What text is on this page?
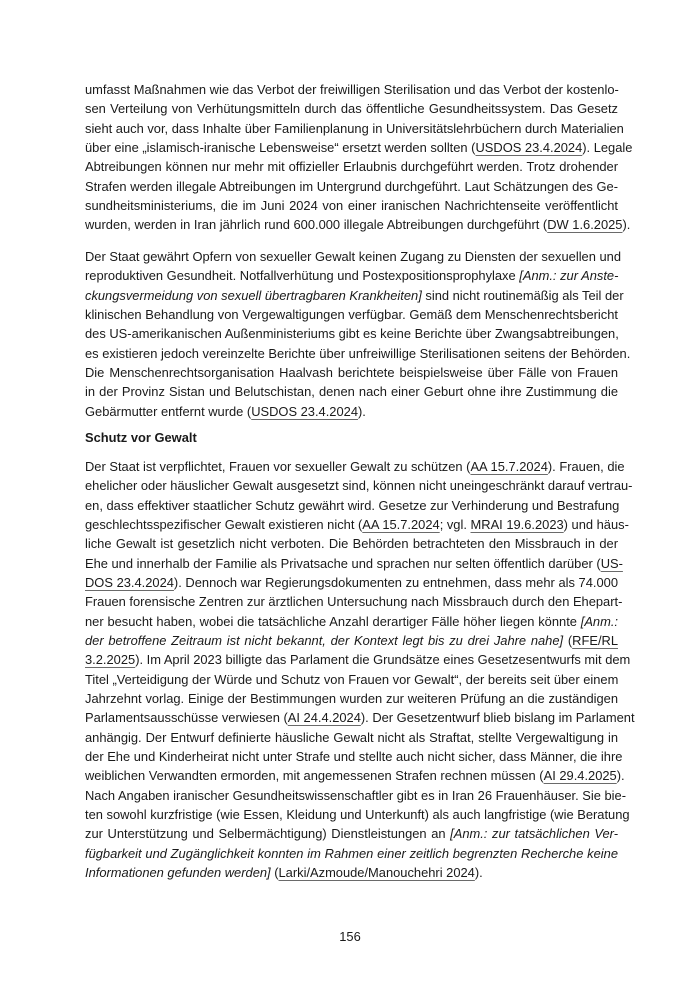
umfasst Maßnahmen wie das Verbot der freiwilligen Sterilisation und das Verbot der kostenlo-
sen Verteilung von Verhütungsmitteln durch das öffentliche Gesundheitssystem. Das Gesetz
sieht auch vor, dass Inhalte über Familienplanung in Universitätslehrbüchern durch Materialien
über eine „islamisch-iranische Lebensweise“ ersetzt werden sollten (USDOS 23.4.2024). Legale
Abtreibungen können nur mehr mit offizieller Erlaubnis durchgeführt werden. Trotz drohender
Strafen werden illegale Abtreibungen im Untergrund durchgeführt. Laut Schätzungen des Ge-
sundheitsministeriums, die im Juni 2024 von einer iranischen Nachrichtenseite veröffentlicht
wurden, werden in Iran jährlich rund 600.000 illegale Abtreibungen durchgeführt (DW 1.6.2025).
Der Staat gewährt Opfern von sexueller Gewalt keinen Zugang zu Diensten der sexuellen und
reproduktiven Gesundheit. Notfallverhütung und Postexpositionsprophylaxe [Anm.: zur Anste-
ckungsvermeidung von sexuell übertragbaren Krankheiten] sind nicht routinemäßig als Teil der
klinischen Behandlung von Vergewaltigungen verfügbar. Gemäß dem Menschenrechtsbericht
des US-amerikanischen Außenministeriums gibt es keine Berichte über Zwangsabtreibungen,
es existieren jedoch vereinzelte Berichte über unfreiwillige Sterilisationen seitens der Behörden.
Die Menschenrechtsorganisation Haalvash berichtete beispielsweise über Fälle von Frauen
in der Provinz Sistan und Belutschistan, denen nach einer Geburt ohne ihre Zustimmung die
Gebärmutter entfernt wurde (USDOS 23.4.2024).
Schutz vor Gewalt
Der Staat ist verpflichtet, Frauen vor sexueller Gewalt zu schützen (AA 15.7.2024). Frauen, die
ehelicher oder häuslicher Gewalt ausgesetzt sind, können nicht uneingeschränkt darauf vertrau-
en, dass effektiver staatlicher Schutz gewährt wird. Gesetze zur Verhinderung und Bestrafung
geschlechtsspezifischer Gewalt existieren nicht (AA 15.7.2024; vgl. MRAI 19.6.2023) und häus-
liche Gewalt ist gesetzlich nicht verboten. Die Behörden betrachteten den Missbrauch in der
Ehe und innerhalb der Familie als Privatsache und sprachen nur selten öffentlich darüber (US-
DOS 23.4.2024). Dennoch war Regierungsdokumenten zu entnehmen, dass mehr als 74.000
Frauen forensische Zentren zur ärztlichen Untersuchung nach Missbrauch durch den Ehepart-
ner besucht haben, wobei die tatsächliche Anzahl derartiger Fälle höher liegen könnte [Anm.:
der betroffene Zeitraum ist nicht bekannt, der Kontext legt bis zu drei Jahre nahe] (RFE/RL
3.2.2025). Im April 2023 billigte das Parlament die Grundsätze eines Gesetzesentwurfs mit dem
Titel „Verteidigung der Würde und Schutz von Frauen vor Gewalt“, der bereits seit über einem
Jahrzehnt vorlag. Einige der Bestimmungen wurden zur weiteren Prüfung an die zuständigen
Parlamentsausschüsse verwiesen (AI 24.4.2024). Der Gesetzentwurf blieb bislang im Parlament
anhängig. Der Entwurf definierte häusliche Gewalt nicht als Straftat, stellte Vergewaltigung in
der Ehe und Kinderheirat nicht unter Strafe und stellte auch nicht sicher, dass Männer, die ihre
weiblichen Verwandten ermorden, mit angemessenen Strafen rechnen müssen (AI 29.4.2025).
Nach Angaben iranischer Gesundheitswissenschaftler gibt es in Iran 26 Frauenhäuser. Sie bie-
ten sowohl kurzfristige (wie Essen, Kleidung und Unterkunft) als auch langfristige (wie Beratung
zur Unterstützung und Selbermächtigung) Dienstleistungen an [Anm.: zur tatsächlichen Ver-
fügbarkeit und Zugänglichkeit konnten im Rahmen einer zeitlich begrenzten Recherche keine
Informationen gefunden werden] (Larki/Azmoude/Manouchehri 2024).
156
